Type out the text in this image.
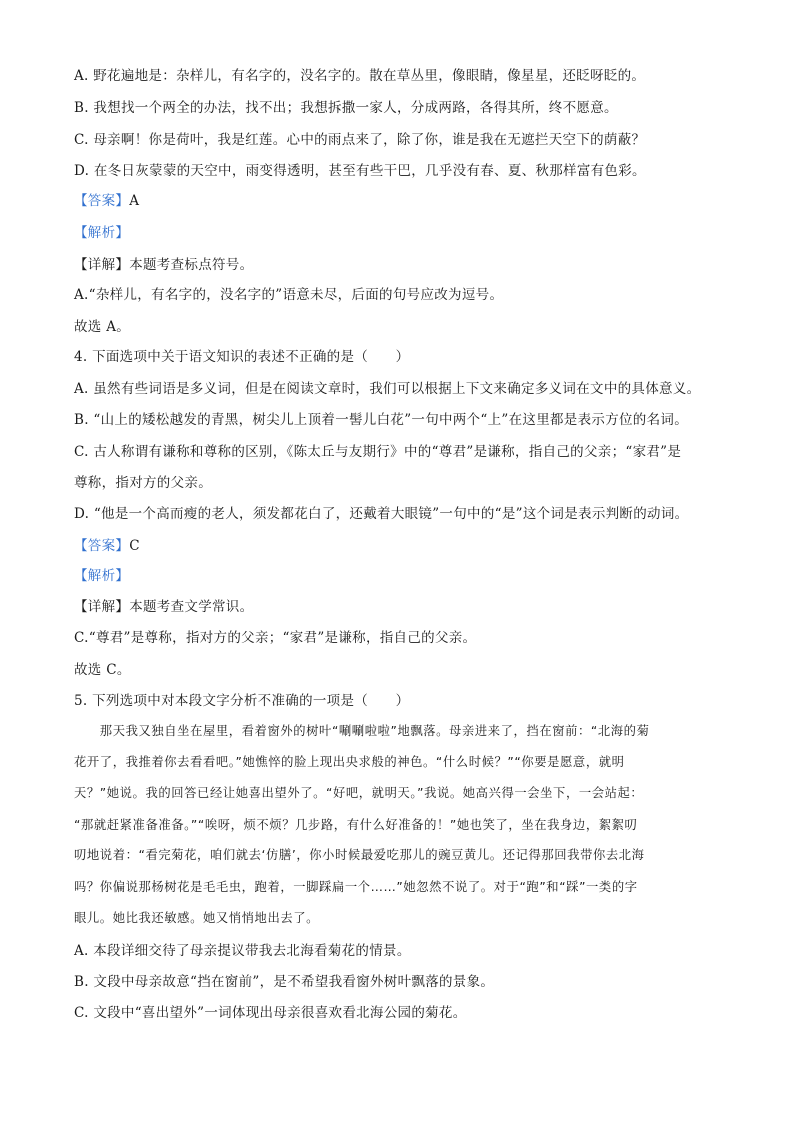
A. 野花遍地是：杂样儿，有名字的，没名字的。散在草丛里，像眼睛，像星星，还眨呀眨的。
B. 我想找一个两全的办法，找不出；我想拆撒一家人，分成两路，各得其所，终不愿意。
C. 母亲啊！你是荷叶，我是红莲。心中的雨点来了，除了你，谁是我在无遮拦天空下的荫蔽？
D. 在冬日灰蒙蒙的天空中，雨变得透明，甚至有些干巴，几乎没有春、夏、秋那样富有色彩。
【答案】A
【解析】
【详解】本题考查标点符号。
A.“杂样儿，有名字的，没名字的”语意未尽，后面的句号应改为逗号。
故选 A。
4. 下面选项中关于语文知识的表述不正确的是（　　）
A. 虽然有些词语是多义词，但是在阅读文章时，我们可以根据上下文来确定多义词在文中的具体意义。
B. “山上的矮松越发的青黑，树尖儿上顶着一髻儿白花”一句中两个“上”在这里都是表示方位的名词。
C. 古人称谓有谦称和尊称的区别，《陈太丘与友期行》中的“尊君”是谦称，指自己的父亲；“家君”是
尊称，指对方的父亲。
D. “他是一个高而瘦的老人，须发都花白了，还戴着大眼镜”一句中的“是”这个词是表示判断的动词。
【答案】C
【解析】
【详解】本题考查文学常识。
C.“尊君”是尊称，指对方的父亲；“家君”是谦称，指自己的父亲。
故选 C。
5. 下列选项中对本段文字分析不准确的一项是（　　）
　　那天我又独自坐在屋里，看着窗外的树叶“唰唰啦啦”地飘落。母亲进来了，挡在窗前：“北海的菊
花开了，我推着你去看看吧。”她憔悴的脸上现出央求般的神色。“什么时候？”“你要是愿意，就明
天？”她说。我的回答已经让她喜出望外了。“好吧，就明天。”我说。她高兴得一会坐下，一会站起：
“那就赶紧准备准备。”“唉呀，烦不烦？几步路，有什么好准备的！”她也笑了，坐在我身边，絮絮叨
叨地说着：“看完菊花，咱们就去‘仿膳’，你小时候最爱吃那儿的豌豆黄儿。还记得那回我带你去北海
吗？你偏说那杨树花是毛毛虫，跑着，一脚踩扁一个……”她忽然不说了。对于“跑”和“踩”一类的字
眼儿。她比我还敏感。她又悄悄地出去了。
A. 本段详细交待了母亲提议带我去北海看菊花的情景。
B. 文段中母亲故意“挡在窗前”，是不希望我看窗外树叶飘落的景象。
C. 文段中“喜出望外”一词体现出母亲很喜欢看北海公园的菊花。
